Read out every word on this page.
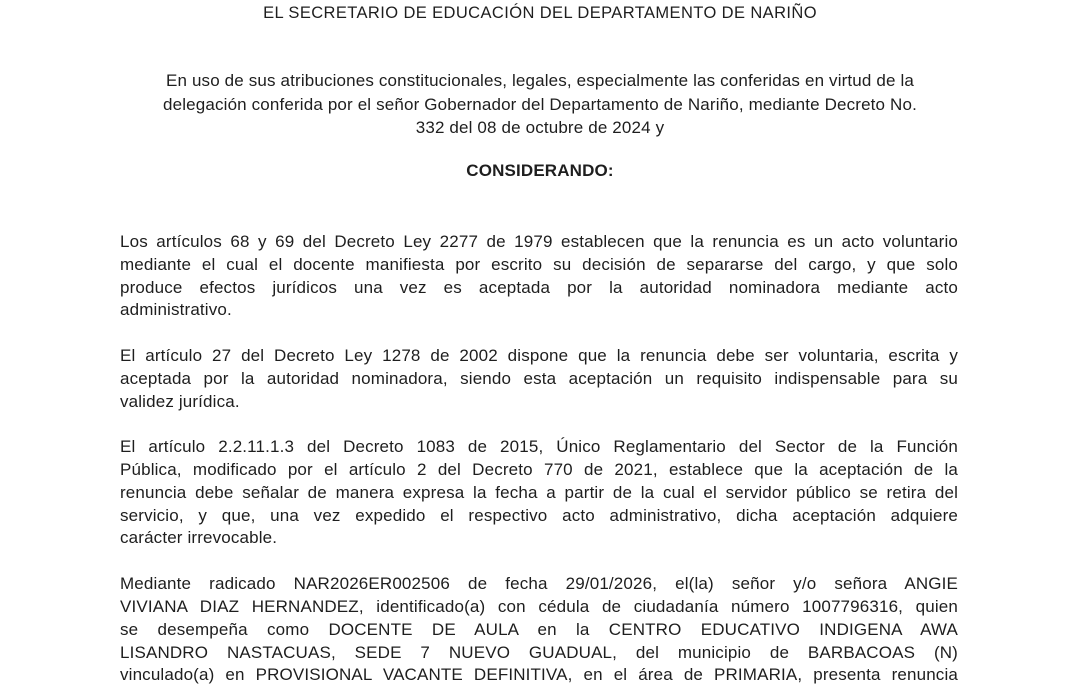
EL SECRETARIO DE EDUCACIÓN DEL DEPARTAMENTO DE NARIÑO
En uso de sus atribuciones constitucionales, legales, especialmente las conferidas en virtud de la
delegación conferida por el señor Gobernador del Departamento de Nariño, mediante Decreto No.
332 del 08 de octubre de 2024 y
CONSIDERANDO:
Los artículos 68 y 69 del Decreto Ley 2277 de 1979 establecen que la renuncia es un acto voluntario
mediante el cual el docente manifiesta por escrito su decisión de separarse del cargo, y que solo
produce efectos jurídicos una vez es aceptada por la autoridad nominadora mediante acto
administrativo.
El artículo 27 del Decreto Ley 1278 de 2002 dispone que la renuncia debe ser voluntaria, escrita y
aceptada por la autoridad nominadora, siendo esta aceptación un requisito indispensable para su
validez jurídica.
El artículo 2.2.11.1.3 del Decreto 1083 de 2015, Único Reglamentario del Sector de la Función
Pública, modificado por el artículo 2 del Decreto 770 de 2021, establece que la aceptación de la
renuncia debe señalar de manera expresa la fecha a partir de la cual el servidor público se retira del
servicio, y que, una vez expedido el respectivo acto administrativo, dicha aceptación adquiere
carácter irrevocable.
Mediante radicado NAR2026ER002506 de fecha 29/01/2026, el(la) señor y/o señora ANGIE
VIVIANA DIAZ HERNANDEZ, identificado(a) con cédula de ciudadanía número 1007796316, quien
se desempeña como DOCENTE DE AULA en la CENTRO EDUCATIVO INDIGENA AWA
LISANDRO NASTACUAS, SEDE 7 NUEVO GUADUAL, del municipio de BARBACOAS (N)
vinculado(a) en PROVISIONAL VACANTE DEFINITIVA, en el área de PRIMARIA, presenta renuncia
